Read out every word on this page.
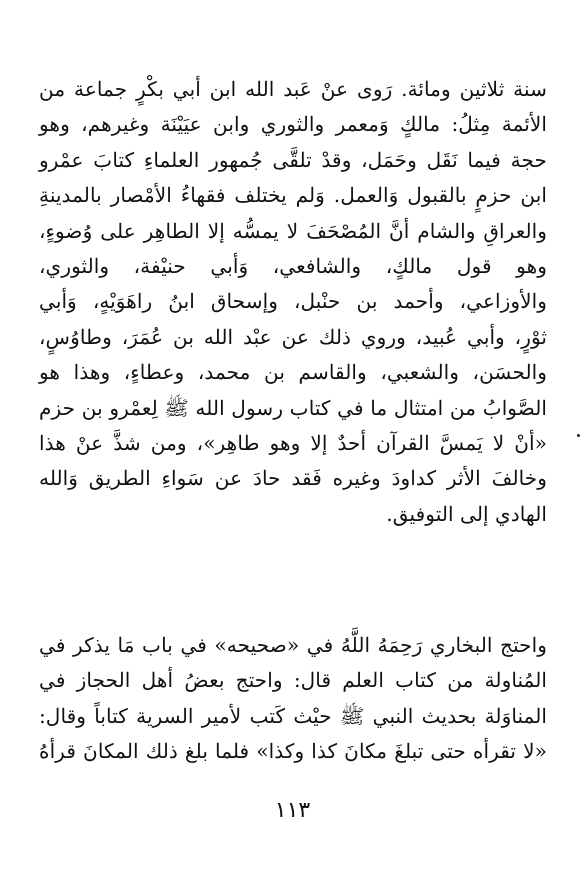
سنة ثلاثين ومائة. رَوى عنْ عَبد الله ابن أبي بكْرٍ جماعة من
الأئمة مِثلُ: مالكٍ وَمعمر والثوري وابن عيَيْنَة وغيرهم، وهو
حجة فيما نَقَل وحَمَل، وقدْ تلقَّى جُمهور العلماءِ كتابَ عمْرو
ابن حزمٍ بالقبول وَالعمل. وَلم يختلف فقهاءُ الأمْصار بالمدينةِ
والعراقِ والشام أنَّ المُصْحَفَ لا يمسُّه إلا الطاهِر على وُضوءٍ،
وهو قول مالكٍ، والشافعي، وَأبي حنيْفة، والثوري،
والأوزاعي، وأحمد بن حنْبل، وإسحاق ابنُ راهَوَيْهٍ، وَأبي
ثوْرٍ، وأبي عُبيد، وروي ذلك عن عبْد الله بن عُمَرَ، وطاوُسٍ،
والحسَن، والشعبي، والقاسم بن محمد، وعطاءٍ، وهذا هو
الصَّوابُ من امتثال ما في كتاب رسول الله ﷺ لِعمْرو بن حزم
«أنْ لا يَمسَّ القرآن أحدٌ إلا وهو طاهِر»، ومن شذَّ عنْ هذا
وخالفَ الأثر كداودَ وغيره فَقد حادَ عن سَواءِ الطريق وَالله
الهادي إلى التوفيق.
واحتج البخاري رَحِمَهُ اللَّهُ في «صحيحه» في باب مَا يذكر في
المُناولة من كتاب العلم قال: واحتج بعضُ أهل الحجاز في
المناوَلة بحديث النبي ﷺ حيْث كَتب لأمير السرية كتاباً وقال:
«لا تقرأه حتى تبلغَ مكانَ كذا وكذا» فلما بلغ ذلك المكانَ قرأهُ
١١٣
